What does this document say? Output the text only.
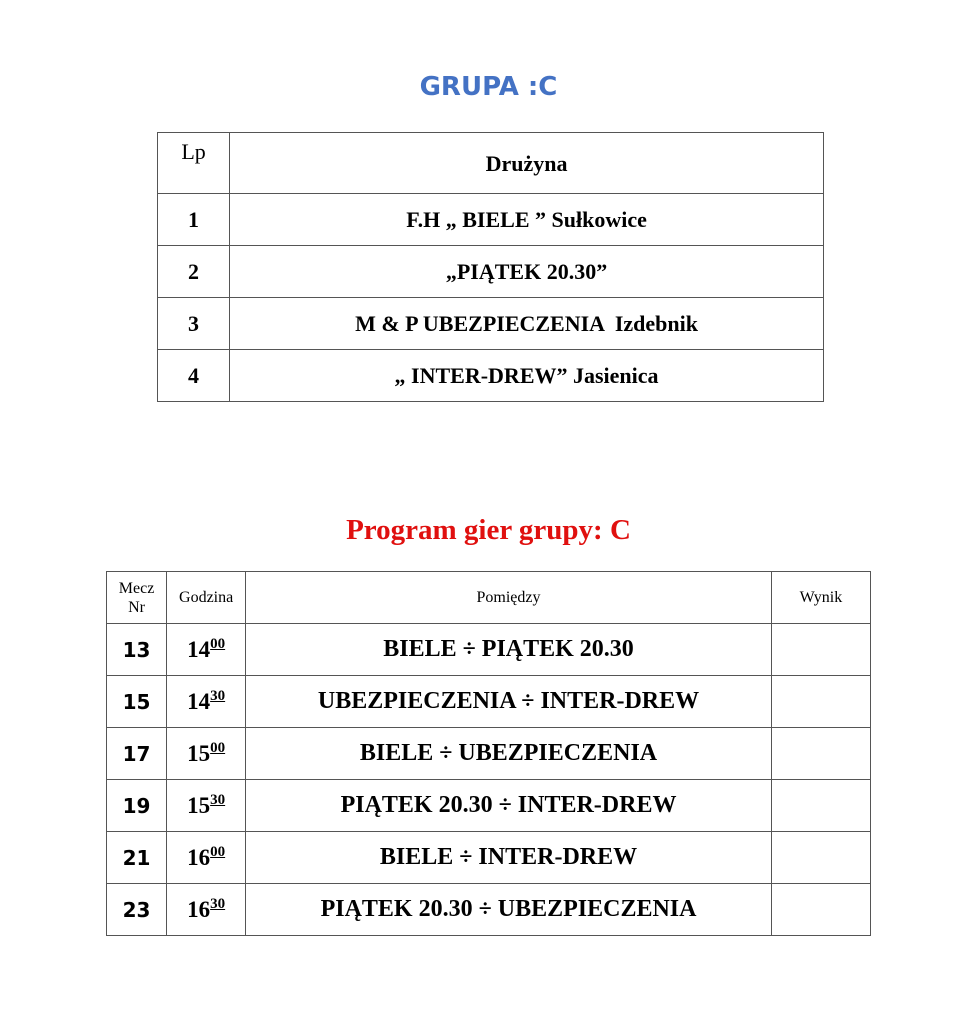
GRUPA :C
Lp	Drużyna
1	F.H „ BIELE ” Sułkowice
2	„PIĄTEK 20.30”
3	M & P UBEZPIECZENIA  Izdebnik
4	„ INTER-DREW” Jasienica
Program gier grupy: C
Mecz
Nr	Godzina	Pomiędzy	Wynik
13	$14^{00}$	BIELE ÷ PIĄTEK 20.30	
15	$14^{30}$	UBEZPIECZENIA ÷ INTER-DREW	
17	$15^{00}$	BIELE ÷ UBEZPIECZENIA	
19	$15^{30}$	PIĄTEK 20.30 ÷ INTER-DREW	
21	$16^{00}$	BIELE ÷ INTER-DREW	
23	$16^{30}$	PIĄTEK 20.30 ÷ UBEZPIECZENIA	
